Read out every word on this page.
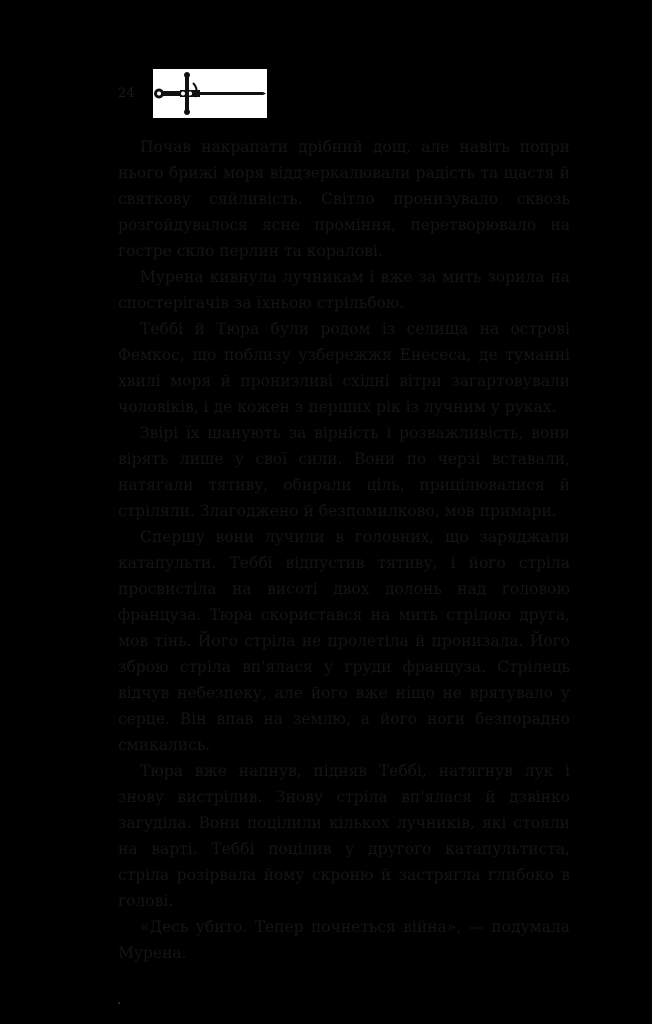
24

Почав накрапати дрібний дощ, але навіть попри нього брижі моря віддзеркалювали радість та щастя й святкову сяйливість. Світло пронизувало сквозь розгойдувалося ясне проміння, перетворювало на гостре скло перлин та коралові.

Мурена кивнула лучникам і вже за мить зорила на спостерігачів за їхньою стрільбою.

Теббі й Тюра були родом із селища на острові Фемкос, що поблизу узбережжя Енесеса, де туманні хвилі моря й пронизливі східні вітри загартовували чоловіків, і де кожен з перших рік із лучним у руках.

Звірі їх шанують за вірність і розважливість, вони вірять лише у свої сили. Вони по черзі вставали, натягали тятиву, обирали ціль, прицілювалися й стріляли. Злагоджено й безпомилково, мов примари.

Спершу вони лучили в головних, що заряджали катапульти. Теббі відпустив тятиву, і його стріла просвистіла на висоті двох долонь над головою француза. Тюра скористався на мить стрілою друга, мов тінь. Його стріла не пролетіла й пронизала. Його зброю стріла вп'ялася у груди француза. Стрілець відчув небезпеку, але його вже ніщо не врятувало у серце. Він впав на землю, а його ноги безпорадно смикались.

Тюра вже напнув, підняв Теббі, натягнув лук і знову вистрілив. Знову стріла вп'ялася й дзвінко загуділа. Вони поцілили кількох лучників, які стояли на варті. Теббі поцілив у другого катапультиста, стріла розірвала йому скроню й застрягла глибоко в голові.

«Десь убито. Тепер почнеться війна», — подумала Мурена.
